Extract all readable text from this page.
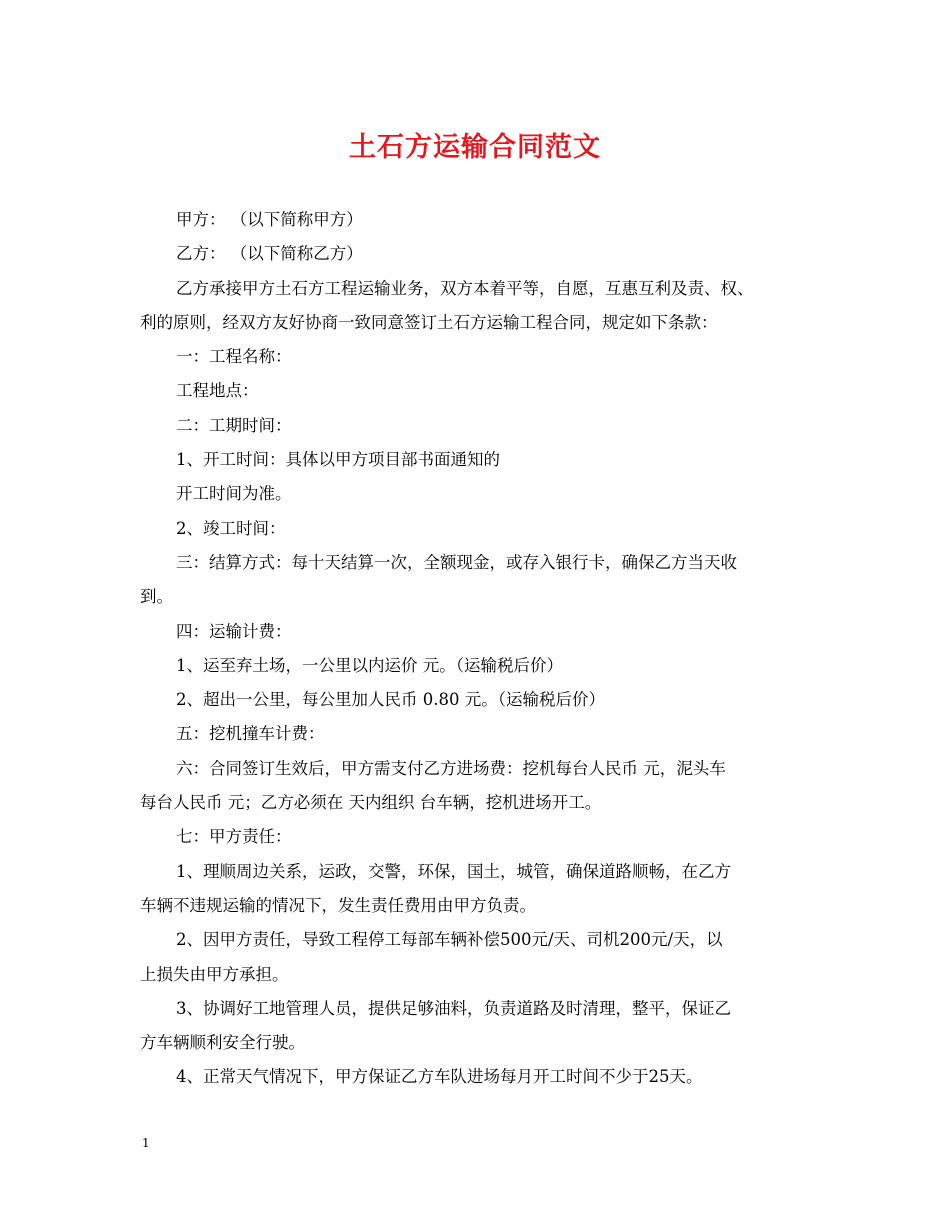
土石方运输合同范文

甲方： （以下简称甲方）

乙方： （以下简称乙方）

乙方承接甲方土石方工程运输业务，双方本着平等，自愿，互惠互利及责、权、

利的原则，经双方友好协商一致同意签订土石方运输工程合同，规定如下条款：

一：工程名称：

工程地点：

二：工期时间：

1、开工时间：具体以甲方项目部书面通知的

开工时间为准。

2、竣工时间：

三：结算方式：每十天结算一次，全额现金，或存入银行卡，确保乙方当天收

到。

四：运输计费：

1、运至弃土场，一公里以内运价 元。（运输税后价）

2、超出一公里，每公里加人民币 0.80 元。（运输税后价）

五：挖机撞车计费：

六：合同签订生效后，甲方需支付乙方进场费：挖机每台人民币 元，泥头车

每台人民币 元；乙方必须在 天内组织 台车辆，挖机进场开工。

七：甲方责任：

1、理顺周边关系，运政，交警，环保，国土，城管，确保道路顺畅，在乙方

车辆不违规运输的情况下，发生责任费用由甲方负责。

2、因甲方责任，导致工程停工每部车辆补偿500元/天、司机200元/天，以

上损失由甲方承担。

3、协调好工地管理人员，提供足够油料，负责道路及时清理，整平，保证乙

方车辆顺利安全行驶。

4、正常天气情况下，甲方保证乙方车队进场每月开工时间不少于25天。

1
